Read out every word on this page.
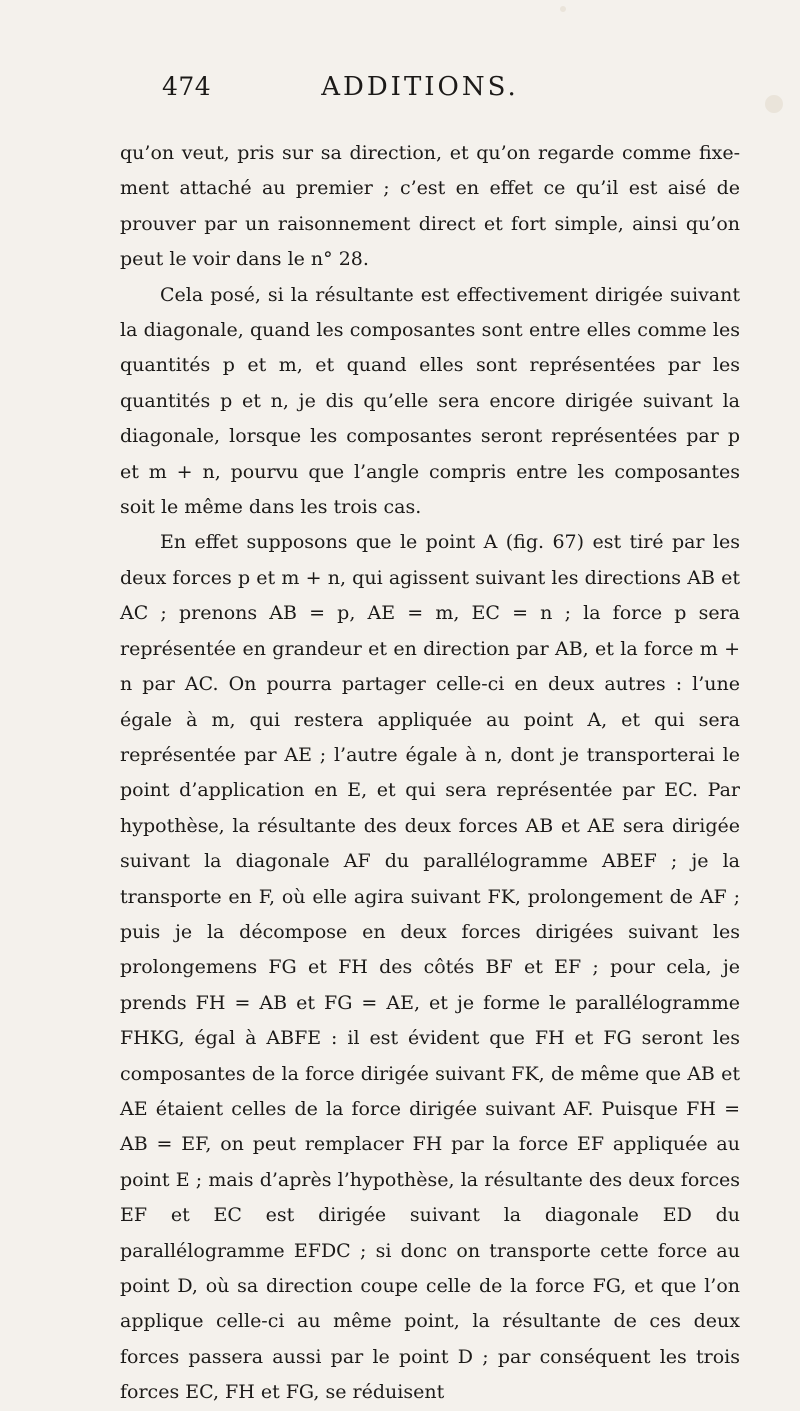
474	ADDITIONS.

qu’on veut, pris sur sa direction, et qu’on regarde comme fixement attaché au premier ; c’est en effet ce qu’il est aisé de prouver par un raisonnement direct et fort simple, ainsi qu’on peut le voir dans le n° 28.

Cela posé, si la résultante est effectivement dirigée suivant la diagonale, quand les composantes sont entre elles comme les quantités p et m, et quand elles sont représentées par les quantités p et n, je dis qu’elle sera encore dirigée suivant la diagonale, lorsque les composantes seront représentées par p et m + n, pourvu que l’angle compris entre les composantes soit le même dans les trois cas.

En effet supposons que le point A (fig. 67) est tiré par les deux forces p et m + n, qui agissent suivant les directions AB et AC ; prenons AB = p, AE = m, EC = n ; la force p sera représentée en grandeur et en direction par AB, et la force m + n par AC. On pourra partager celle-ci en deux autres : l’une égale à m, qui restera appliquée au point A, et qui sera représentée par AE ; l’autre égale à n, dont je transporterai le point d’application en E, et qui sera représentée par EC. Par hypothèse, la résultante des deux forces AB et AE sera dirigée suivant la diagonale AF du parallélogramme ABEF ; je la transporte en F, où elle agira suivant FK, prolongement de AF ; puis je la décompose en deux forces dirigées suivant les prolongemens FG et FH des côtés BF et EF ; pour cela, je prends FH = AB et FG = AE, et je forme le parallélogramme FHKG, égal à ABFE : il est évident que FH et FG seront les composantes de la force dirigée suivant FK, de même que AB et AE étaient celles de la force dirigée suivant AF. Puisque FH = AB = EF, on peut remplacer FH par la force EF appliquée au point E ; mais d’après l’hypothèse, la résultante des deux forces EF et EC est dirigée suivant la diagonale ED du parallélogramme EFDC ; si donc on transporte cette force au point D, où sa direction coupe celle de la force FG, et que l’on applique celle-ci au même point, la résultante de ces deux forces passera aussi par le point D ; par conséquent les trois forces EC, FH et FG, se réduisent
